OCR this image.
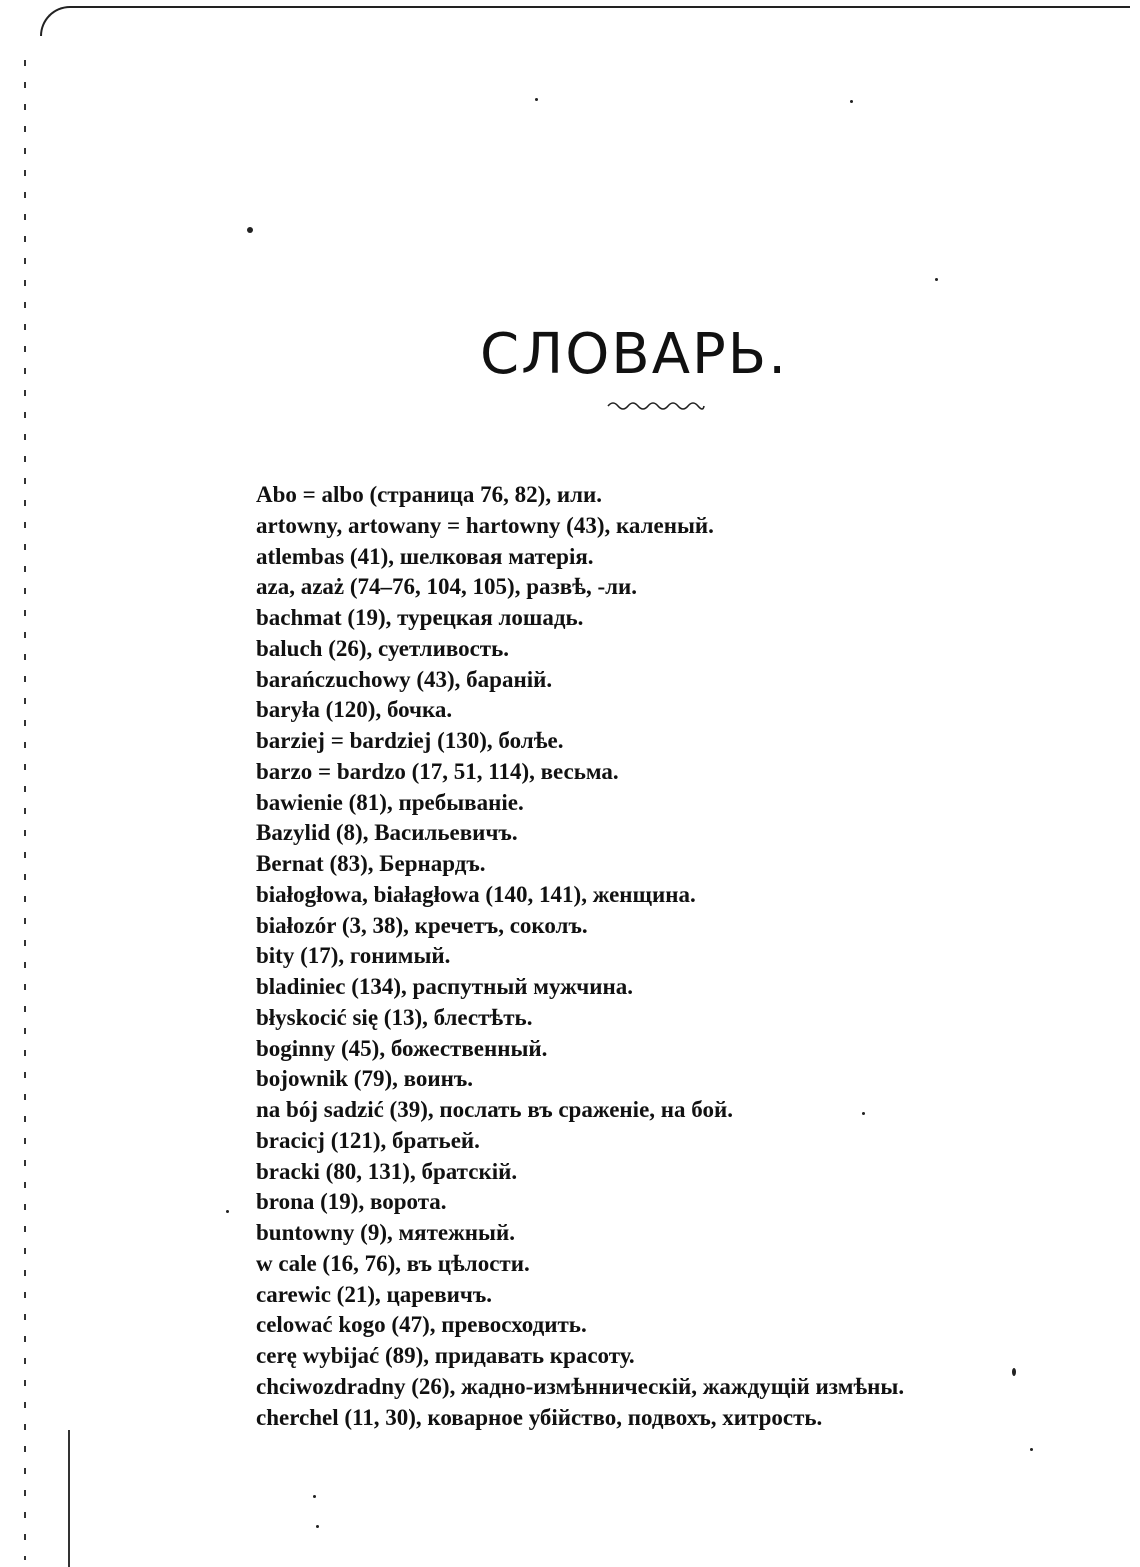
СЛОВАРЬ.
Abo = albo (страница 76, 82), или.
artowny, artowany = hartowny (43), каленый.
atlembas (41), шелковая матерія.
aza, azaż (74–76, 104, 105), развѣ, -ли.
bachmat (19), турецкая лошадь.
baluch (26), суетливость.
barańczuchowy (43), бараній.
baryła (120), бочка.
barziej = bardziej (130), болѣе.
barzo = bardzo (17, 51, 114), весьма.
bawienie (81), пребываніе.
Bazylid (8), Васильевичъ.
Bernat (83), Бернардъ.
białogłowa, białagłowa (140, 141), женщина.
białozór (3, 38), кречетъ, соколъ.
bity (17), гонимый.
bladiniec (134), распутный мужчина.
błyskocić się (13), блестѣть.
boginny (45), божественный.
bojownik (79), воинъ.
na bój sadzić (39), послать въ сраженіе, на бой.
bracicj (121), братьей.
bracki (80, 131), братскій.
brona (19), ворота.
buntowny (9), мятежный.
w cale (16, 76), въ цѣлости.
carewic (21), царевичъ.
celować kogo (47), превосходить.
cerę wybijać (89), придавать красоту.
chciwozdradny (26), жадно-измѣнническій, жаждущій измѣны.
cherchel (11, 30), коварное убійство, подвохъ, хитрость.
